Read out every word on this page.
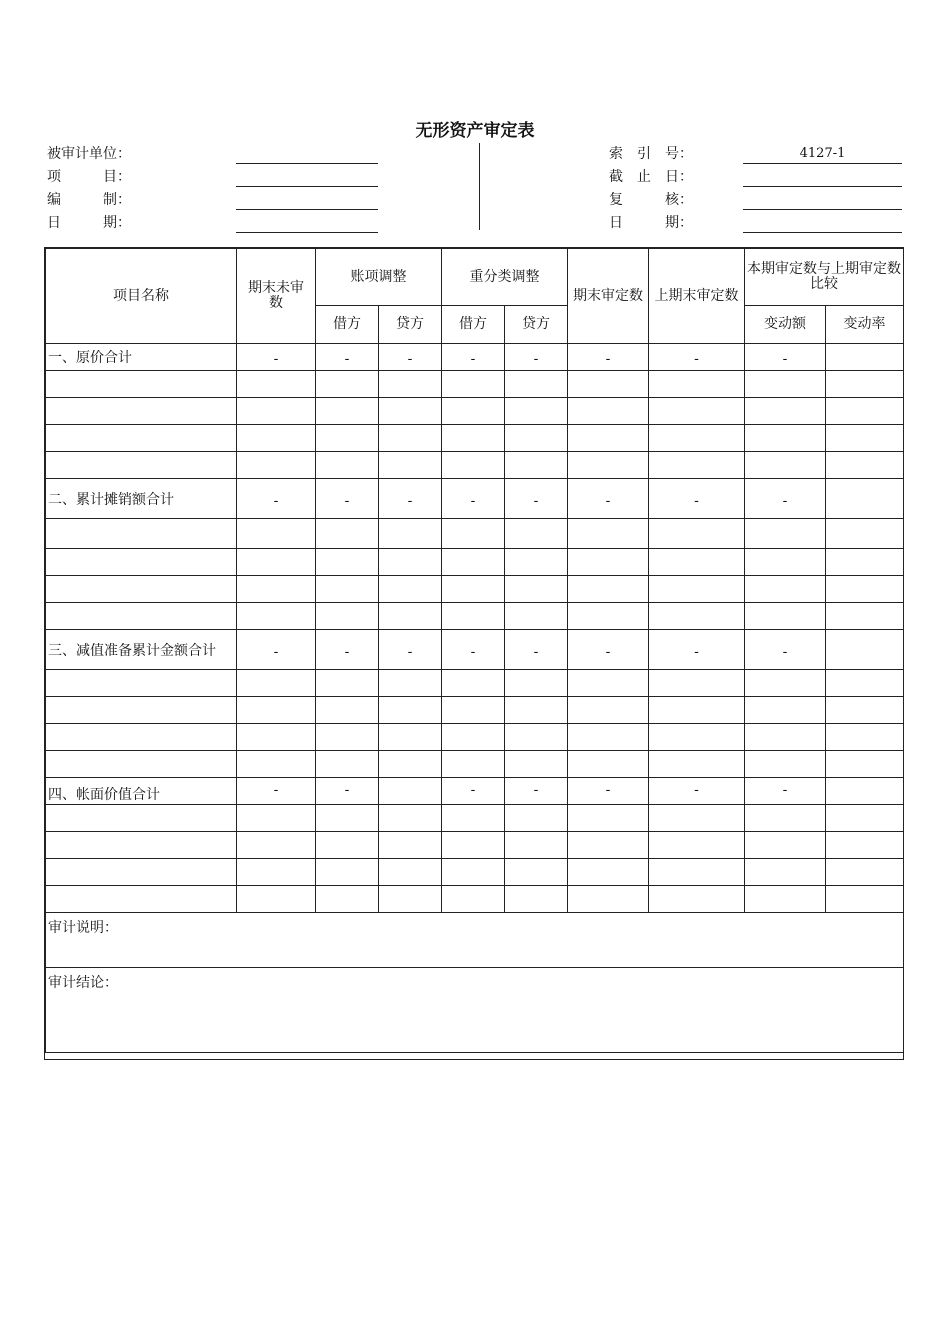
无形资产审定表
被审计单位：
项　　　目：
编　　　制：
日　　　期：
索　引　号：
截　止　日：
复　　　核：
日　　　期：
4127-1
项目名称	期末未审数	账项调整		重分类调整		期末审定数	上期末审定数	本期审定数与上期审定数比较	
		借方	贷方	借方	贷方			变动额	变动率
一、原价合计	-	-	-	-	-	-	-	-	

二、累计摊销额合计	-	-	-	-	-	-	-	-	

三、减值准备累计金额合计	-	-	-	-	-	-	-	-	

四、帐面价值合计	-	-		-	-	-	-	-	

审计说明：									
审计结论：									
